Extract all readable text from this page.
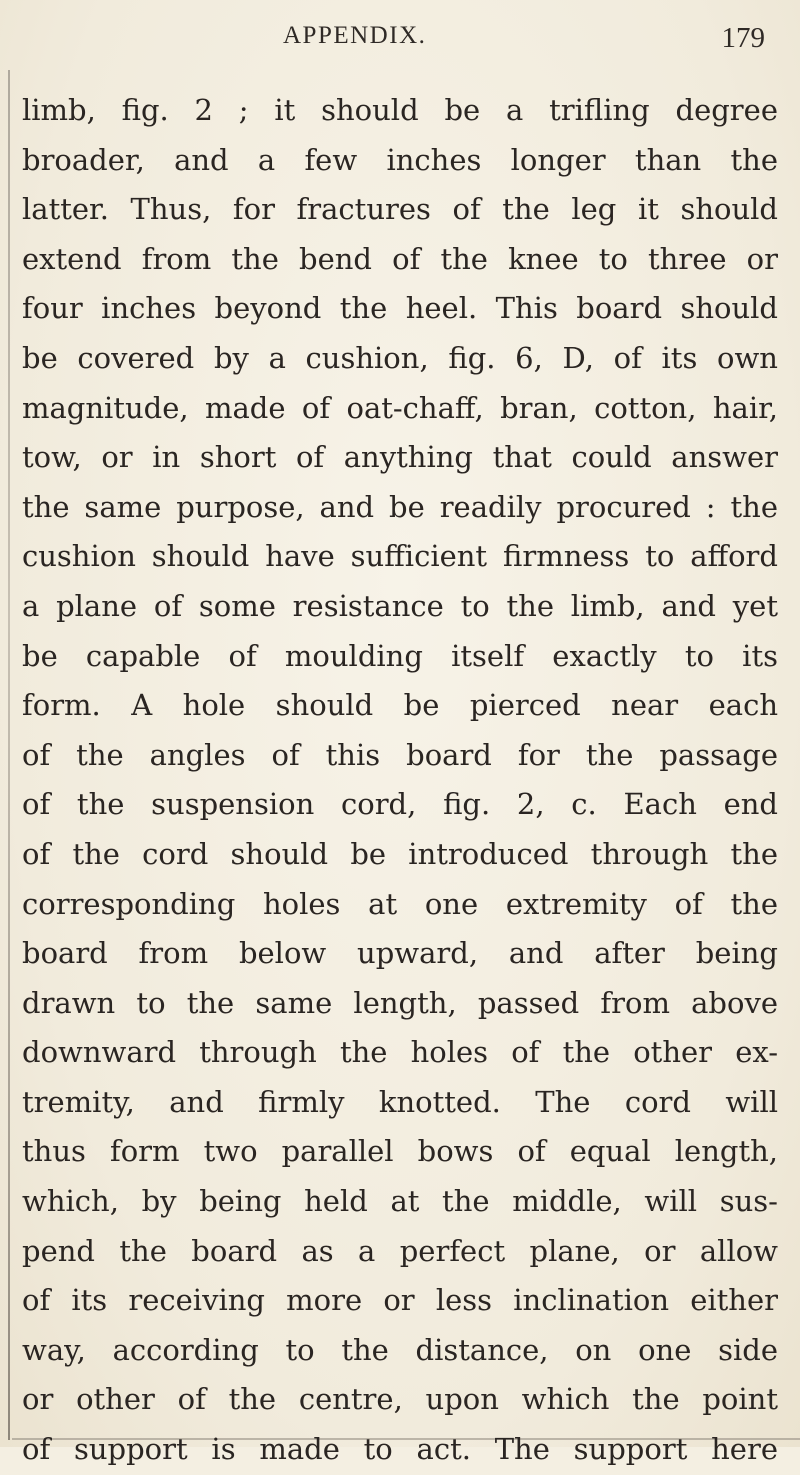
APPENDIX.	179
limb, fig. 2 ; it should be a trifling degree
broader, and a few inches longer than the
latter. Thus, for fractures of the leg it should
extend from the bend of the knee to three or
four inches beyond the heel. This board should
be covered by a cushion, fig. 6, D, of its own
magnitude, made of oat-chaff, bran, cotton, hair,
tow, or in short of anything that could answer
the same purpose, and be readily procured : the
cushion should have sufficient firmness to afford
a plane of some resistance to the limb, and yet
be capable of moulding itself exactly to its
form. A hole should be pierced near each
of the angles of this board for the passage
of the suspension cord, fig. 2, c. Each end
of the cord should be introduced through the
corresponding holes at one extremity of the
board from below upward, and after being
drawn to the same length, passed from above
downward through the holes of the other ex-
tremity, and firmly knotted. The cord will
thus form two parallel bows of equal length,
which, by being held at the middle, will sus-
pend the board as a perfect plane, or allow
of its receiving more or less inclination either
way, according to the distance, on one side
or other of the centre, upon which the point
of support is made to act. The support here
